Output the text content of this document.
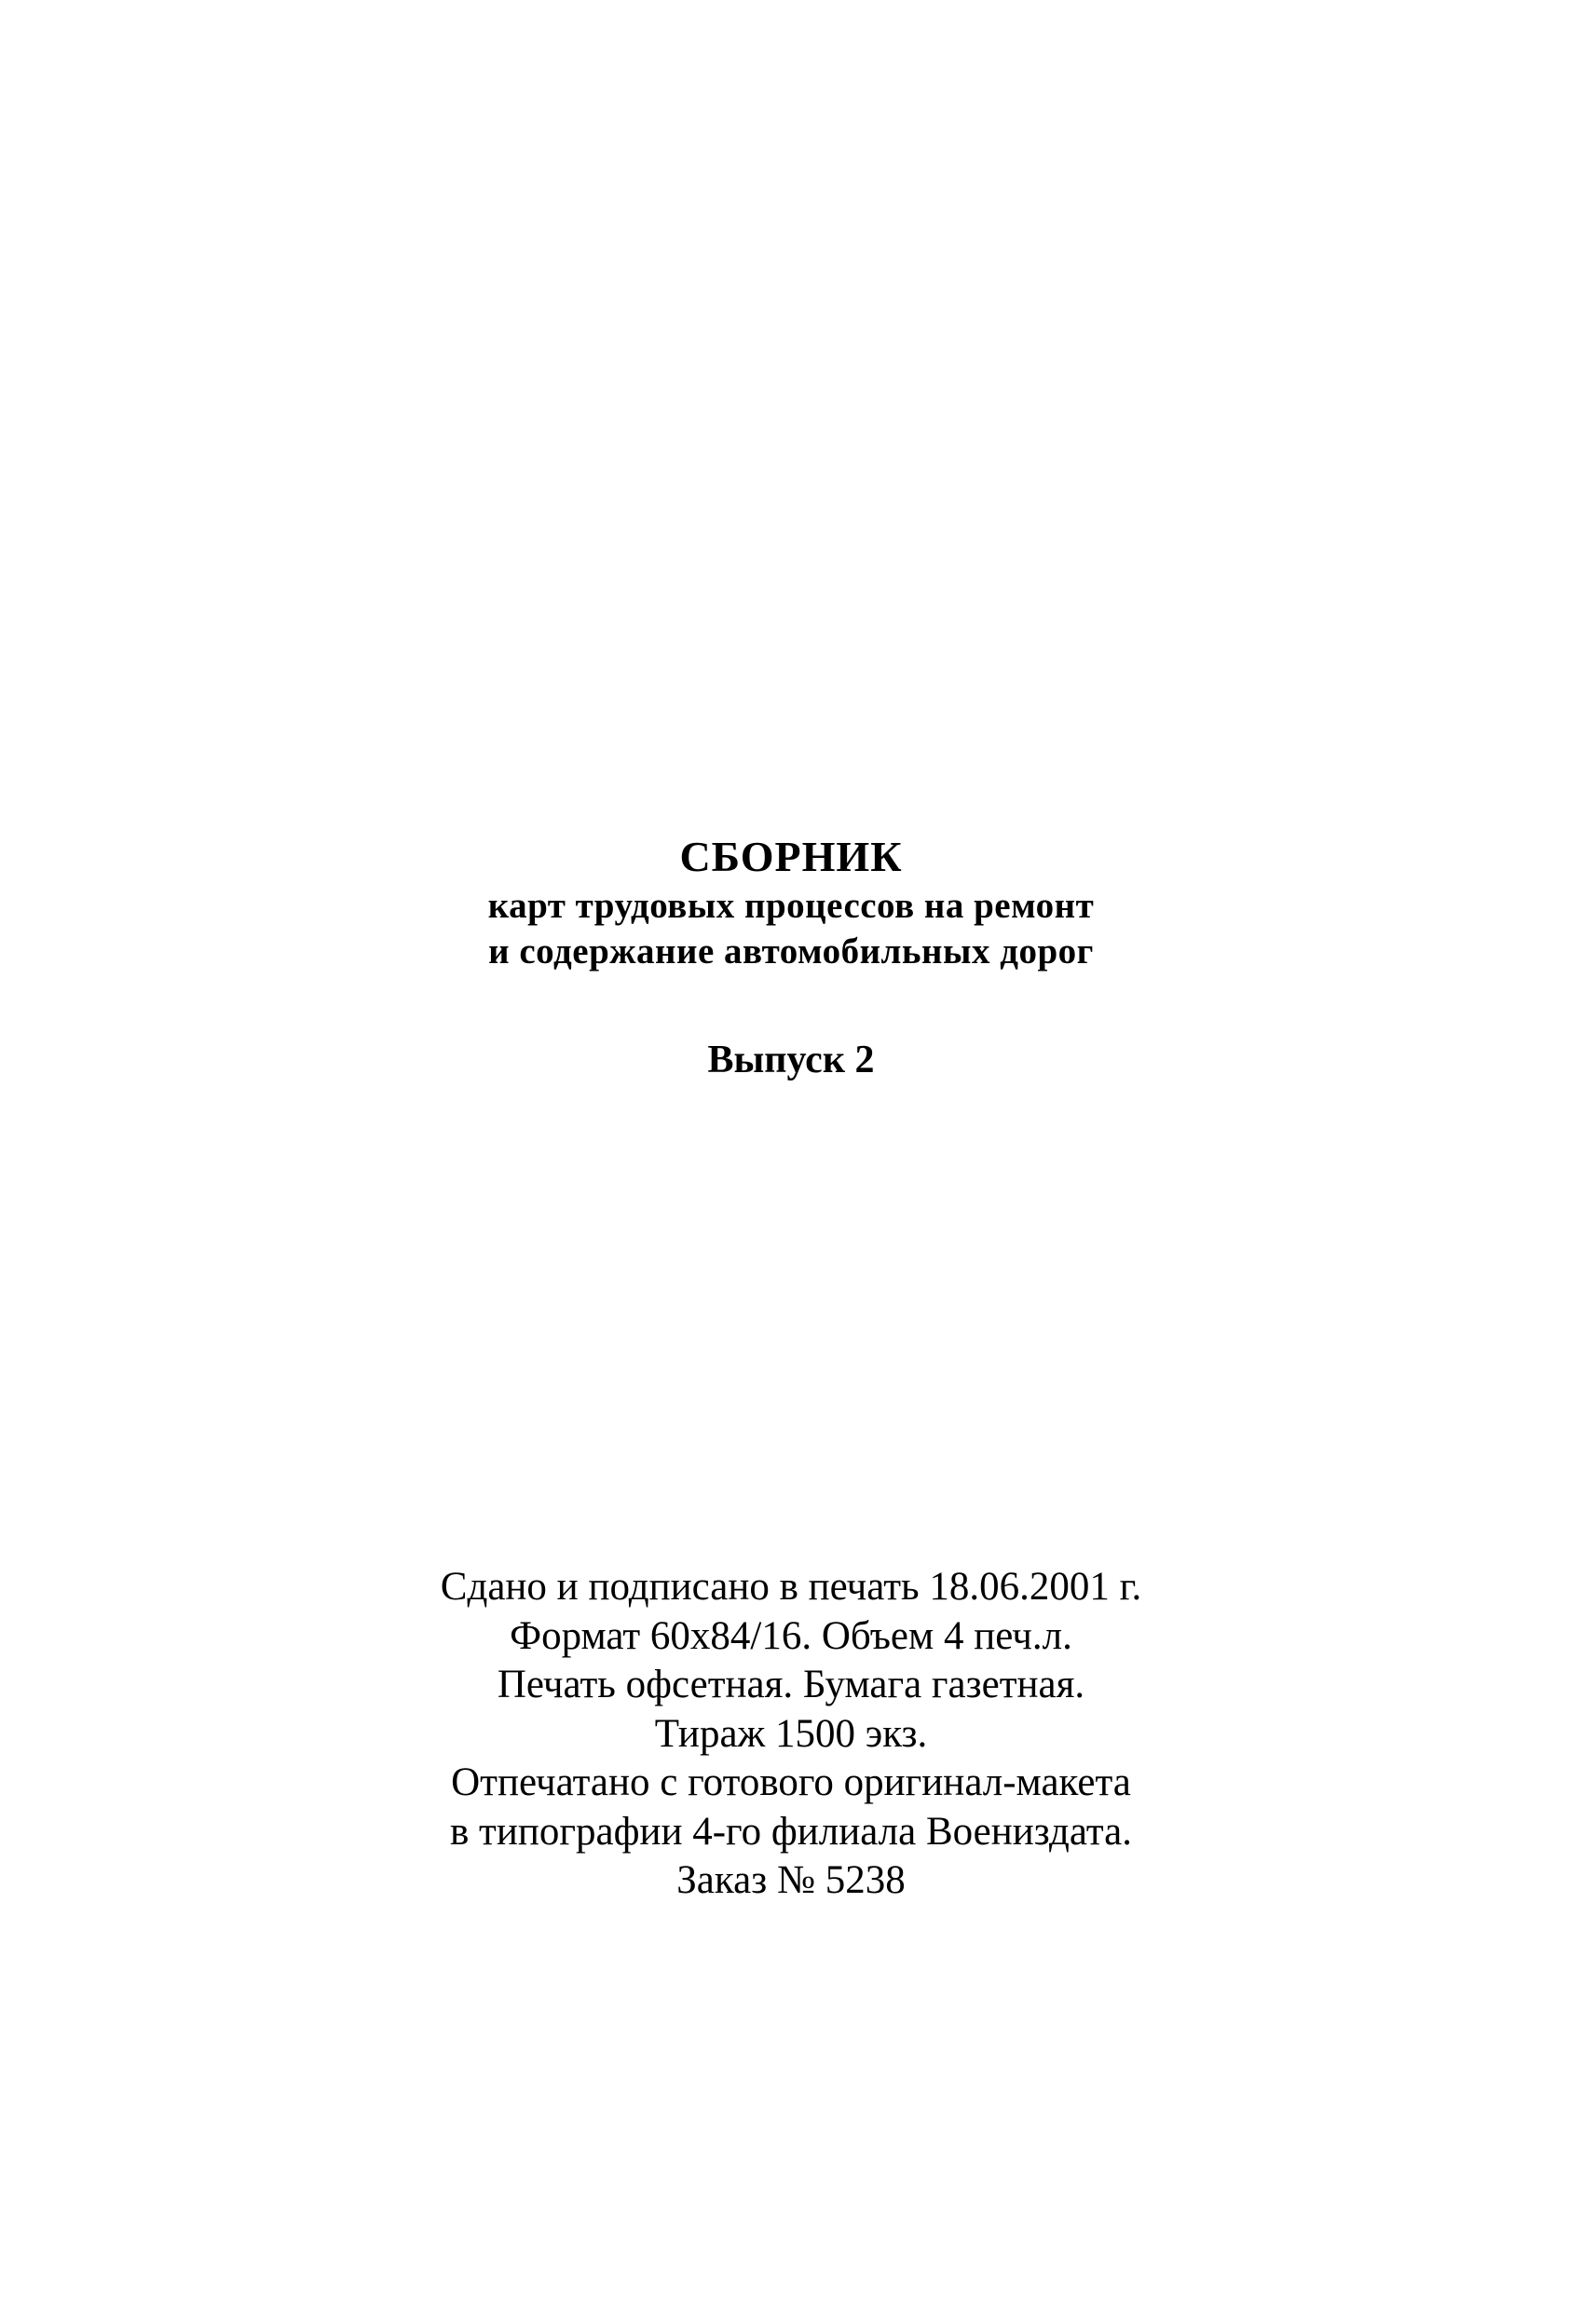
СБОРНИК
карт трудовых процессов на ремонт
и содержание автомобильных дорог
Выпуск 2
Сдано и подписано в печать 18.06.2001 г.
Формат 60x84/16. Объем 4 печ.л.
Печать офсетная. Бумага газетная.
Тираж 1500 экз.
Отпечатано с готового оригинал-макета
в типографии 4-го филиала Воениздата.
Заказ № 5238
